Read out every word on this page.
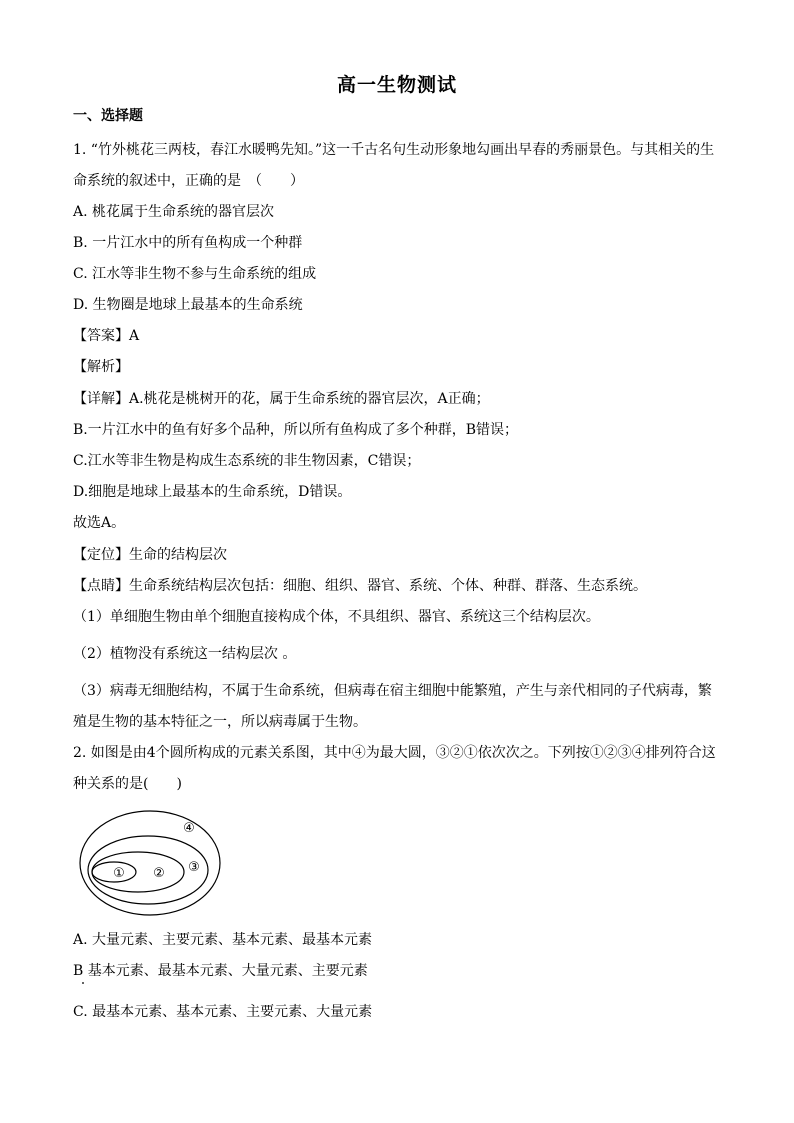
高一生物测试
一、选择题
1. “竹外桃花三两枝，春江水暖鸭先知。”这一千古名句生动形象地勾画出早春的秀丽景色。与其相关的生
命系统的叙述中，正确的是　（　　）
A. 桃花属于生命系统的器官层次
B. 一片江水中的所有鱼构成一个种群
C. 江水等非生物不参与生命系统的组成
D. 生物圈是地球上最基本的生命系统
【答案】A
【解析】
【详解】A.桃花是桃树开的花，属于生命系统的器官层次，A正确；
B.一片江水中的鱼有好多个品种，所以所有鱼构成了多个种群，B错误；
C.江水等非生物是构成生态系统的非生物因素，C错误；
D.细胞是地球上最基本的生命系统，D错误。
故选A。
【定位】生命的结构层次
【点睛】生命系统结构层次包括：细胞、组织、器官、系统、个体、种群、群落、生态系统。
（1）单细胞生物由单个细胞直接构成个体，不具组织、器官、系统这三个结构层次。
（2）植物没有系统这一结构层次 。
（3）病毒无细胞结构，不属于生命系统，但病毒在宿主细胞中能繁殖，产生与亲代相同的子代病毒，繁
殖是生物的基本特征之一，所以病毒属于生物。
2. 如图是由4个圆所构成的元素关系图，其中④为最大圆，③②①依次次之。下列按①②③④排列符合这
种关系的是(　　)
① ② ③
④
A. 大量元素、主要元素、基本元素、最基本元素
B 基本元素、最基本元素、大量元素、主要元素
C. 最基本元素、基本元素、主要元素、大量元素
